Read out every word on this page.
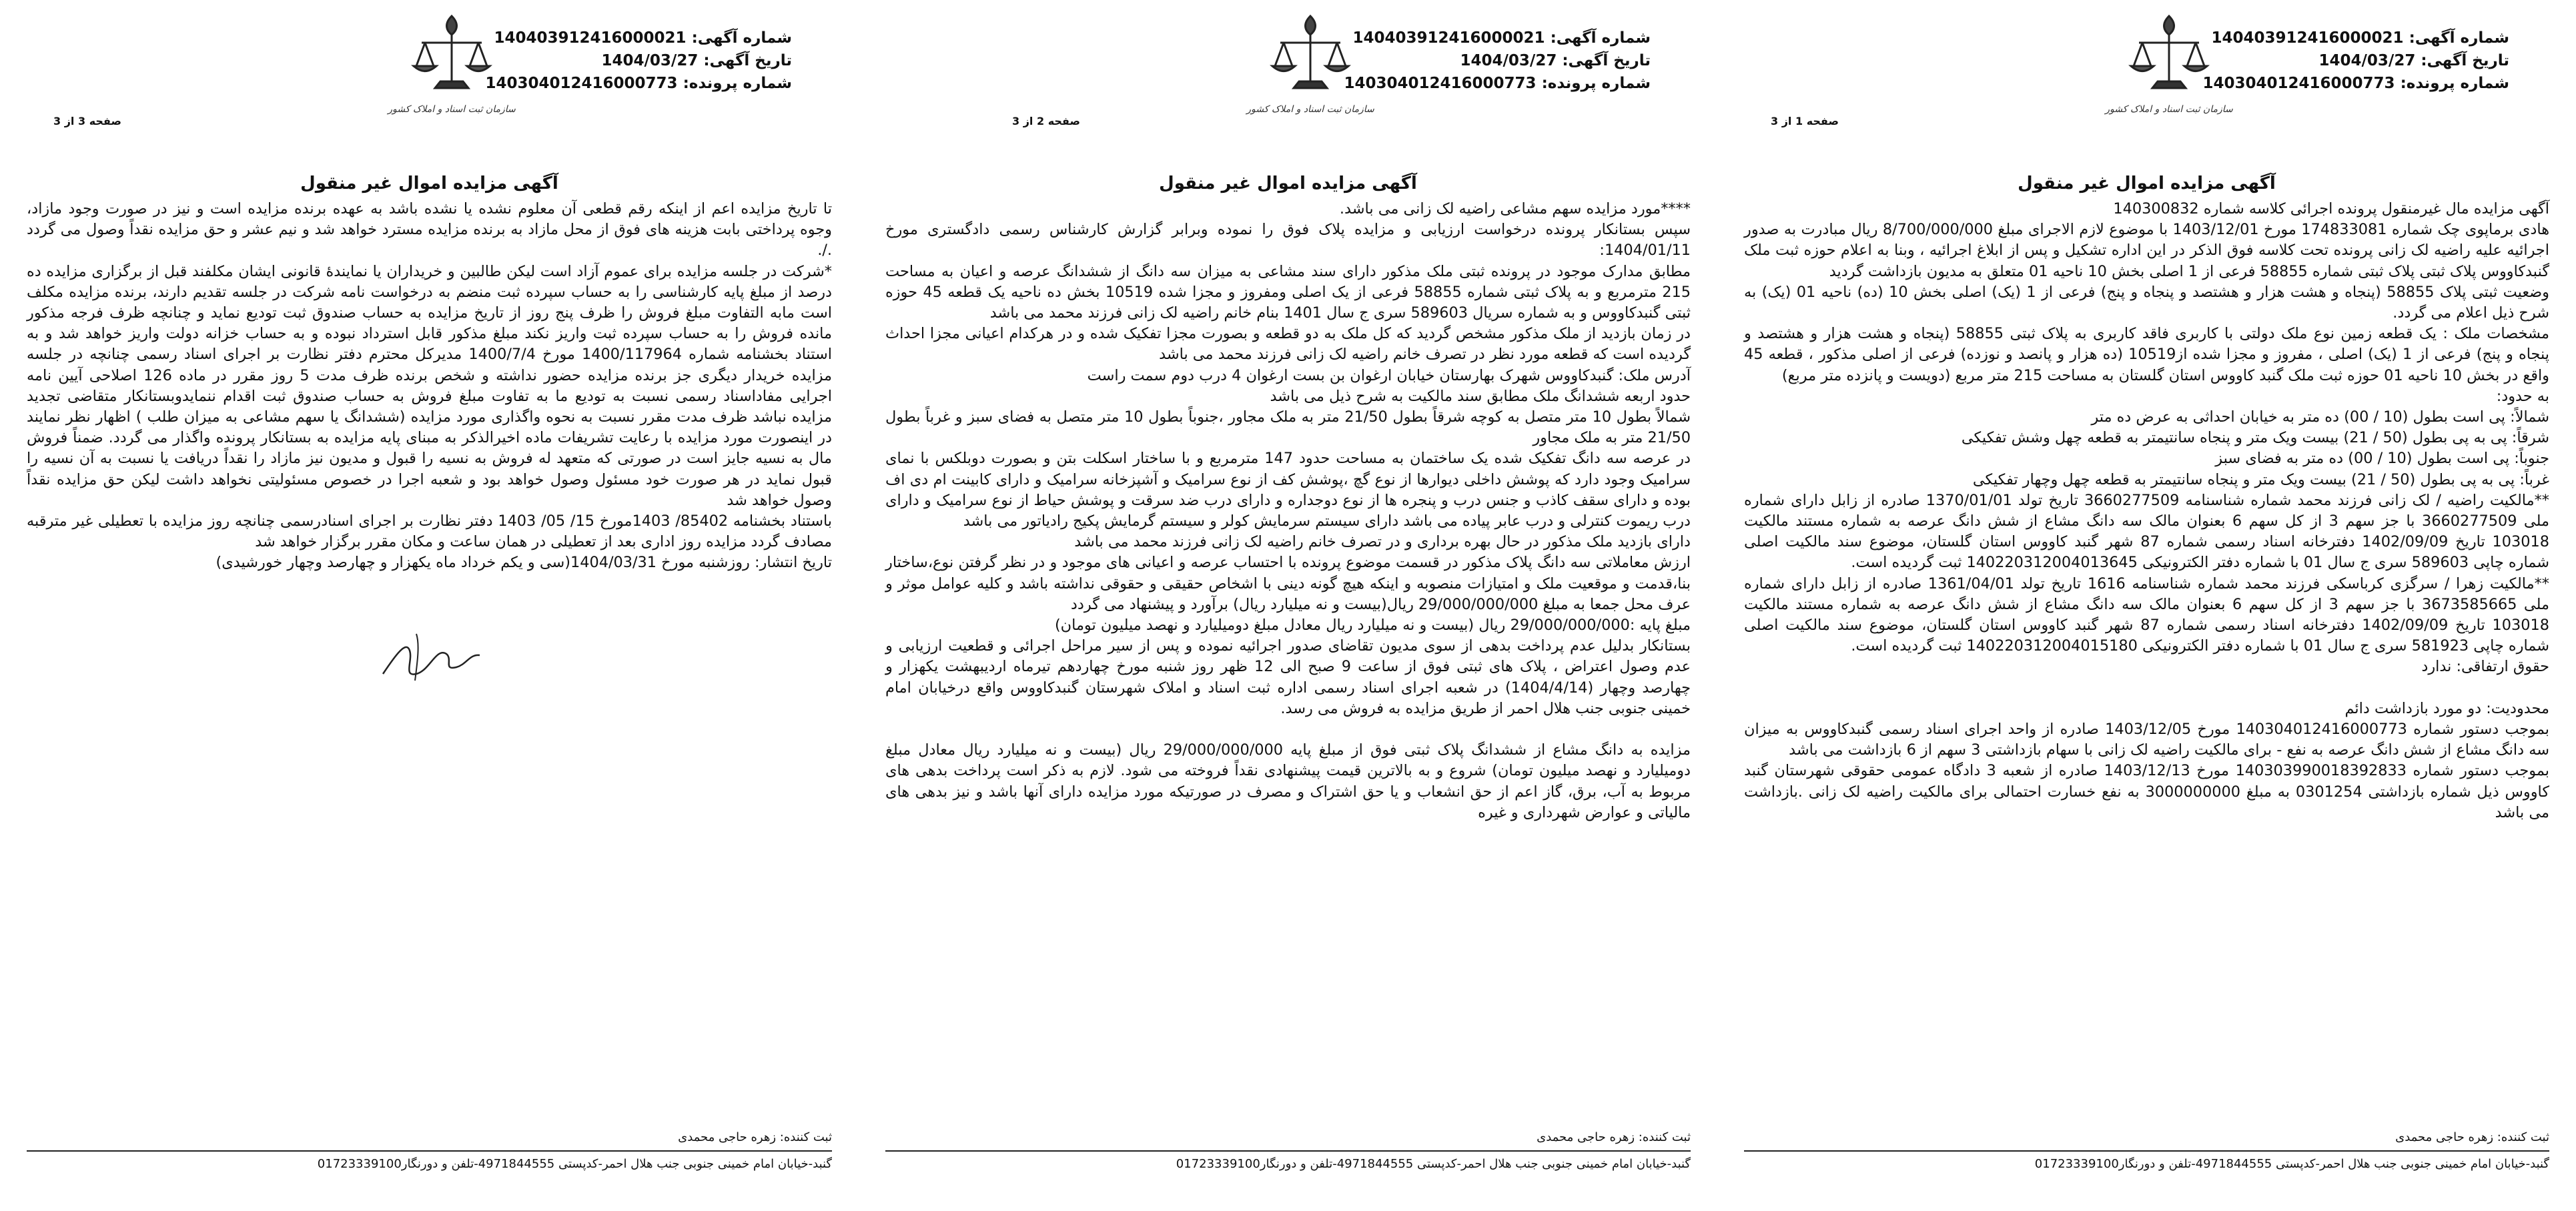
شماره آگهی: 140403912416000021
تاریخ آگهی: 1404/03/27
شماره پرونده: 140304012416000773
سازمان ثبت اسناد و املاک کشور
صفحه 1 از 3
آگهی مزایده اموال غیر منقول

آگهی مزایده مال غیرمنقول پرونده اجرائی کلاسه شماره 140300832

هادی برماپوی چک شماره 174833081 مورخ 1403/12/01 با موضوع لازم الاجرای مبلغ 8/700/000/000 ریال مبادرت به صدور اجرائیه علیه راضیه لک زانی پرونده تحت کلاسه فوق الذکر در این اداره تشکیل و پس از ابلاغ اجرائیه ، وبنا به اعلام حوزه ثبت ملک گنبدکاووس پلاک ثبتی پلاک ثبتی شماره 58855 فرعی از 1 اصلی بخش 10 ناحیه 01 متعلق به مدیون بازداشت گردید

وضعیت ثبتی پلاک 58855 (پنجاه و هشت هزار و هشتصد و پنجاه و پنج) فرعی از 1 (یک) اصلی بخش 10 (ده) ناحیه 01 (یک) به شرح ذیل اعلام می گردد.

مشخصات ملک : یک قطعه زمین نوع ملک دولتی با کاربری فاقد کاربری به پلاک ثبتی 58855 (پنجاه و هشت هزار و هشتصد و پنجاه و پنج) فرعی از 1 (یک) اصلی ، مفروز و مجزا شده از10519 (ده هزار و پانصد و نوزده) فرعی از اصلی مذکور ، قطعه 45 واقع در بخش 10 ناحیه 01 حوزه ثبت ملک گنبد کاووس استان گلستان به مساحت 215 متر مربع (دویست و پانزده متر مربع)

به حدود:

شمالاً: پی است بطول (10 / 00) ده متر به خیابان احداثی به عرض ده متر

شرقاً: پی به پی بطول (50 / 21) بیست ویک متر و پنجاه سانتیمتر به قطعه چهل وشش تفکیکی

جنوباً: پی است بطول (10 / 00) ده متر به فضای سبز

غرباً: پی به پی بطول (50 / 21) بیست ویک متر و پنجاه سانتیمتر به قطعه چهل وچهار تفکیکی

**مالکیت راضیه / لک زانی فرزند محمد شماره شناسنامه 3660277509 تاریخ تولد 1370/01/01 صادره از زابل دارای شماره ملی 3660277509 با جز سهم 3 از کل سهم 6 بعنوان مالک سه دانگ مشاع از شش دانگ عرصه به شماره مستند مالکیت 103018 تاریخ 1402/09/09 دفترخانه اسناد رسمی شماره 87 شهر گنبد کاووس استان گلستان، موضوع سند مالکیت اصلی شماره چاپی 589603 سری ج سال 01 با شماره دفتر الکترونیکی 140220312004013645 ثبت گردیده است.

**مالکیت زهرا / سرگزی کرباسکی فرزند محمد شماره شناسنامه 1616 تاریخ تولد 1361/04/01 صادره از زابل دارای شماره ملی 3673585665 با جز سهم 3 از کل سهم 6 بعنوان مالک سه دانگ مشاع از شش دانگ عرصه به شماره مستند مالکیت 103018 تاریخ 1402/09/09 دفترخانه اسناد رسمی شماره 87 شهر گنبد کاووس استان گلستان، موضوع سند مالکیت اصلی شماره چاپی 581923 سری ج سال 01 با شماره دفتر الکترونیکی 140220312004015180 ثبت گردیده است.

حقوق ارتفاقی: ندارد

محدودیت: دو مورد بازداشت دائم

بموجب دستور شماره 140304012416000773 مورخ 1403/12/05 صادره از واحد اجرای اسناد رسمی گنبدکاووس به میزان سه دانگ مشاع از شش دانگ عرصه به نفع - برای مالکیت راضیه لک زانی با سهام بازداشتی 3 سهم از 6 بازداشت می باشد

بموجب دستور شماره 140303990018392833 مورخ 1403/12/13 صادره از شعبه 3 دادگاه عمومی حقوقی شهرستان گنبد کاووس ذیل شماره بازداشتی 0301254 به مبلغ 3000000000 به نفع خسارت احتمالی برای مالکیت راضیه لک زانی .بازداشت می باشد

ثبت کننده: زهره حاجی محمدی
گنبد-خیابان امام خمینی جنوبی جنب هلال احمر-کدپستی 4971844555-تلفن و دورنگار01723339100
شماره آگهی: 140403912416000021
تاریخ آگهی: 1404/03/27
شماره پرونده: 140304012416000773
سازمان ثبت اسناد و املاک کشور
صفحه 2 از 3
آگهی مزایده اموال غیر منقول

****مورد مزایده سهم مشاعی راضیه لک زانی می باشد.

سپس بستانکار پرونده درخواست ارزیابی و مزایده پلاک فوق را نموده وبرابر گزارش کارشناس رسمی دادگستری مورخ 1404/01/11:

مطابق مدارک موجود در پرونده ثبتی ملک مذکور دارای سند مشاعی به میزان سه دانگ از ششدانگ عرصه و اعیان به مساحت 215 مترمربع و به پلاک ثبتی شماره 58855 فرعی از یک اصلی ومفروز و مجزا شده 10519 بخش ده ناحیه یک قطعه 45 حوزه ثبتی گنبدکاووس و به شماره سریال 589603 سری ج سال 1401 بنام خانم راضیه لک زانی فرزند محمد می باشد

در زمان بازدید از ملک مذکور مشخص گردید که کل ملک به دو قطعه و بصورت مجزا تفکیک شده و در هرکدام اعیانی مجزا احداث گردیده است که قطعه مورد نظر در تصرف خانم راضیه لک زانی فرزند محمد می باشد

آدرس ملک: گنبدکاووس شهرک بهارستان خیابان ارغوان بن بست ارغوان 4 درب دوم سمت راست

حدود اربعه ششدانگ ملک مطابق سند مالکیت به شرح ذیل می باشد

شمالاً بطول 10 متر متصل به کوچه شرقاً بطول 21/50 متر به ملک مجاور ،جنوباً بطول 10 متر متصل به فضای سبز و غرباً بطول 21/50 متر به ملک مجاور

در عرصه سه دانگ تفکیک شده یک ساختمان به مساحت حدود 147 مترمربع و با ساختار اسکلت بتن و بصورت دوبلکس با نمای سرامیک وجود دارد که پوشش داخلی دیوارها از نوع گچ ،پوشش کف از نوع سرامیک و آشپزخانه سرامیک و دارای کابینت ام دی اف بوده و دارای سقف کاذب و جنس درب و پنجره ها از نوع دوجداره و دارای درب ضد سرقت و پوشش حیاط از نوع سرامیک و دارای درب ریموت کنترلی و درب عابر پیاده می باشد دارای سیستم سرمایش کولر و سیستم گرمایش پکیج رادیاتور می باشد

دارای بازدید ملک مذکور در حال بهره برداری و در تصرف خانم راضیه لک زانی فرزند محمد می باشد

ارزش معاملاتی سه دانگ پلاک مذکور در قسمت موضوع پرونده با احتساب عرصه و اعیانی های موجود و در نظر گرفتن نوع،ساختار بنا،قدمت و موقعیت ملک و امتیازات منصوبه و اینکه هیچ گونه دینی با اشخاص حقیقی و حقوقی نداشته باشد و کلیه عوامل موثر و عرف محل جمعا به مبلغ 29/000/000/000 ریال(بیست و نه میلیارد ریال) برآورد و پیشنهاد می گردد

مبلغ پایه :29/000/000/000 ریال (بیست و نه میلیارد ریال معادل مبلغ دومیلیارد و نهصد میلیون تومان)

بستانکار بدلیل عدم پرداخت بدهی از سوی مدیون تقاضای صدور اجرائیه نموده و پس از سیر مراحل اجرائی و قطعیت ارزیابی و عدم وصول اعتراض ، پلاک های ثبتی فوق از ساعت 9 صبح الی 12 ظهر روز شنبه مورخ چهاردهم تیرماه اردیبهشت یکهزار و چهارصد وچهار (1404/4/14) در شعبه اجرای اسناد رسمی اداره ثبت اسناد و املاک شهرستان گنبدکاووس واقع درخیابان امام خمینی جنوبی جنب هلال احمر از طریق مزایده به فروش می رسد.

مزایده به دانگ مشاع از ششدانگ پلاک ثبتی فوق از مبلغ پایه 29/000/000/000 ریال (بیست و نه میلیارد ریال معادل مبلغ دومیلیارد و نهصد میلیون تومان) شروع و به بالاترین قیمت پیشنهادی نقداً فروخته می شود. لازم به ذکر است پرداخت بدهی های مربوط به آب، برق، گاز اعم از حق انشعاب و یا حق اشتراک و مصرف در صورتیکه مورد مزایده دارای آنها باشد و نیز بدهی های مالیاتی و عوارض شهرداری و غیره

ثبت کننده: زهره حاجی محمدی
گنبد-خیابان امام خمینی جنوبی جنب هلال احمر-کدپستی 4971844555-تلفن و دورنگار01723339100
شماره آگهی: 140403912416000021
تاریخ آگهی: 1404/03/27
شماره پرونده: 140304012416000773
سازمان ثبت اسناد و املاک کشور
صفحه 3 از 3
آگهی مزایده اموال غیر منقول

تا تاریخ مزایده اعم از اینکه رقم قطعی آن معلوم نشده یا نشده باشد به عهده برنده مزایده است و نیز در صورت وجود مازاد، وجوه پرداختی بابت هزینه های فوق از محل مازاد به برنده مزایده مسترد خواهد شد و نیم عشر و حق مزایده نقداً وصول می گردد ./.

*شرکت در جلسه مزایده برای عموم آزاد است لیکن طالبین و خریداران یا نمایندۀ قانونی ایشان مکلفند قبل از برگزاری مزایده ده درصد از مبلغ پایه کارشناسی را به حساب سپرده ثبت منضم به درخواست نامه شرکت در جلسه تقدیم دارند، برنده مزایده مکلف است مابه التفاوت مبلغ فروش را ظرف پنج روز از تاریخ مزایده به حساب صندوق ثبت تودیع نماید و چنانچه ظرف فرجه مذکور مانده فروش را به حساب سپرده ثبت واریز نکند مبلغ مذکور قابل استرداد نبوده و به حساب خزانه دولت واریز خواهد شد و به استناد بخشنامه شماره 1400/117964 مورخ 1400/7/4 مدیرکل محترم دفتر نظارت بر اجرای اسناد رسمی چنانچه در جلسه مزایده خریدار دیگری جز برنده مزایده حضور نداشته و شخص برنده ظرف مدت 5 روز مقرر در ماده 126 اصلاحی آیین نامه اجرایی مفاداسناد رسمی نسبت به تودیع ما به تفاوت مبلغ فروش به حساب صندوق ثبت اقدام ننمایدوبستانکار متقاضی تجدید مزایده نباشد ظرف مدت مقرر نسبت به نحوه واگذاری مورد مزایده (ششدانگ یا سهم مشاعی به میزان طلب ) اظهار نظر نمایند در اینصورت مورد مزایده با رعایت تشریفات ماده اخیرالذکر به مبنای پایه مزایده به بستانکار پرونده واگذار می گردد. ضمناً فروش مال به نسیه جایز است در صورتی که متعهد له فروش به نسیه را قبول و مدیون نیز مازاد را نقداً دریافت یا نسبت به آن نسیه را قبول نماید در هر صورت خود مسئول وصول خواهد بود و شعبه اجرا در خصوص مسئولیتی نخواهد داشت لیکن حق مزایده نقداً وصول خواهد شد

باستناد بخشنامه 85402/ 1403مورخ 15/ 05/ 1403 دفتر نظارت بر اجرای اسنادرسمی چنانچه روز مزایده با تعطیلی غیر مترقبه مصادف گردد مزایده روز اداری بعد از تعطیلی در همان ساعت و مکان مقرر برگزار خواهد شد

تاریخ انتشار: روزشنبه مورخ 1404/03/31(سی و یکم خرداد ماه یکهزار و چهارصد وچهار خورشیدی)

ثبت کننده: زهره حاجی محمدی
گنبد-خیابان امام خمینی جنوبی جنب هلال احمر-کدپستی 4971844555-تلفن و دورنگار01723339100
